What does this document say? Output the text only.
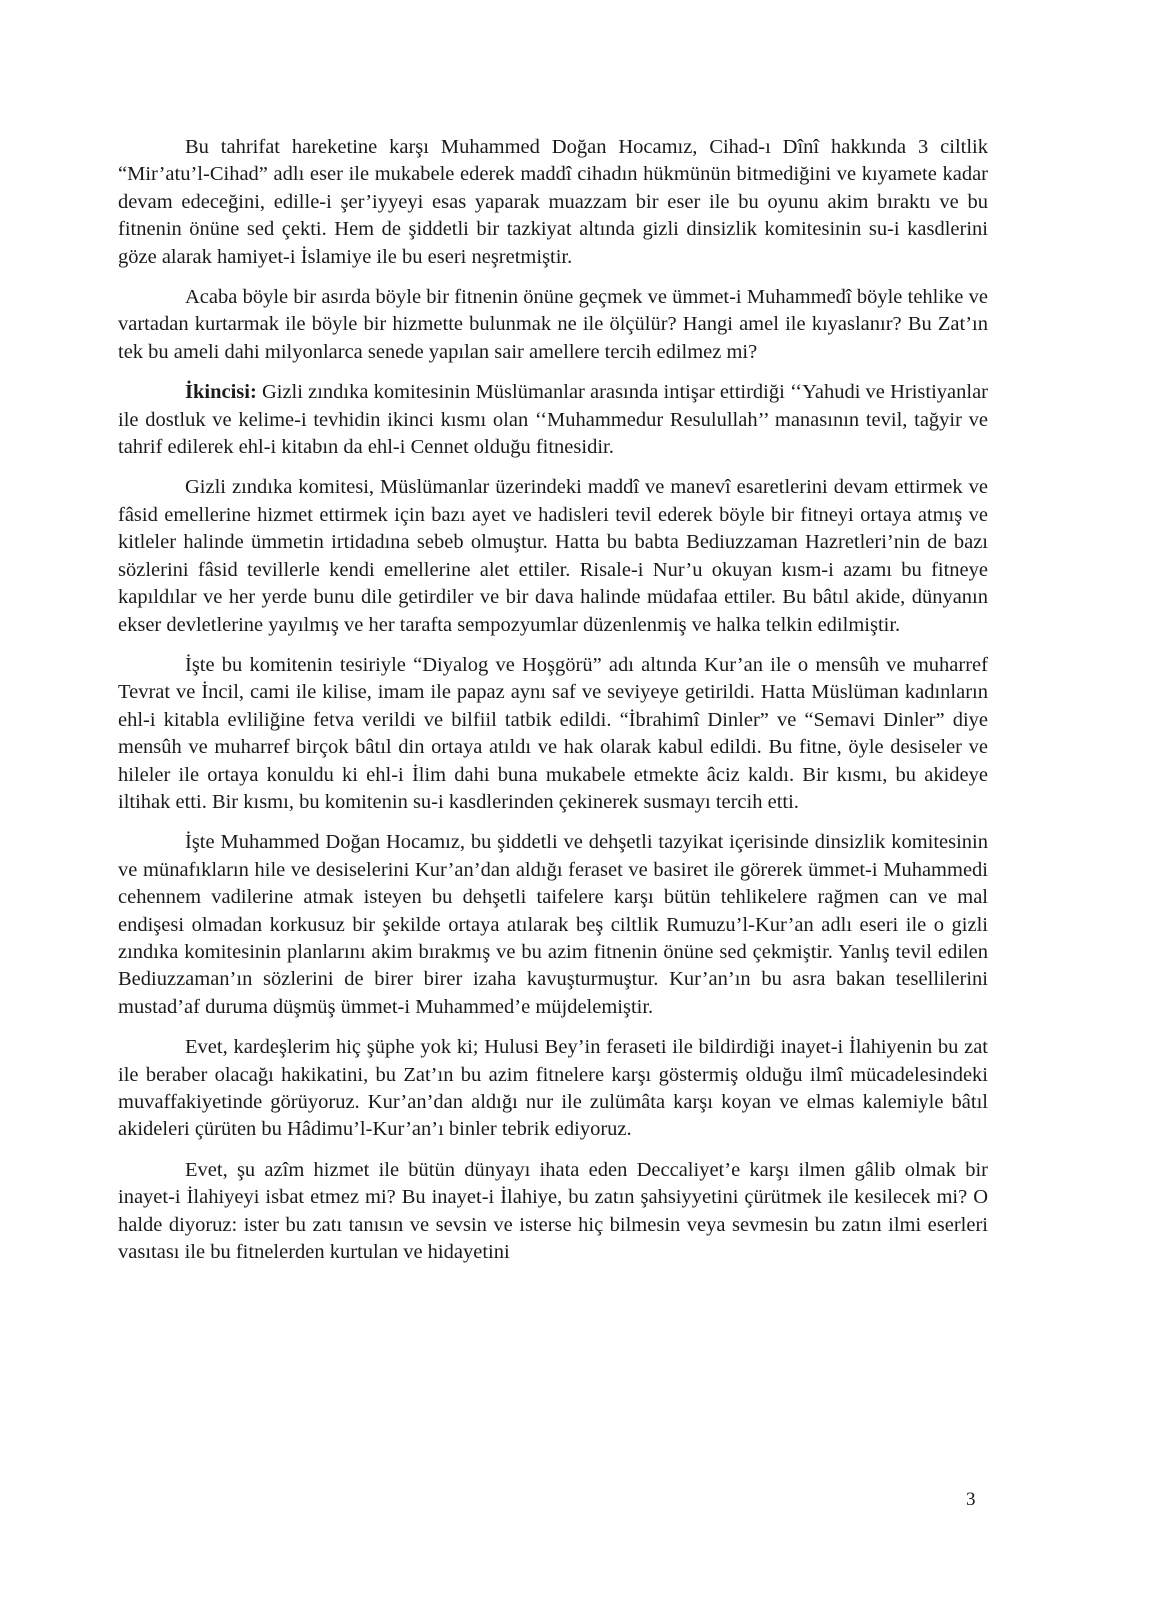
Bu tahrifat hareketine karşı Muhammed Doğan Hocamız, Cihad-ı Dînî hakkında 3 ciltlik “Mir’atu’l-Cihad” adlı eser ile mukabele ederek maddî cihadın hükmünün bitmediğini ve kıyamete kadar devam edeceğini, edille-i şer’iyyeyi esas yaparak muazzam bir eser ile bu oyunu akim bıraktı ve bu fitnenin önüne sed çekti. Hem de şiddetli bir tazkiyat altında gizli dinsizlik komitesinin su-i kasdlerini göze alarak hamiyet-i İslamiye ile bu eseri neşretmiştir.

Acaba böyle bir asırda böyle bir fitnenin önüne geçmek ve ümmet-i Muhammedî böyle tehlike ve vartadan kurtarmak ile böyle bir hizmette bulunmak ne ile ölçülür? Hangi amel ile kıyaslanır? Bu Zat’ın tek bu ameli dahi milyonlarca senede yapılan sair amellere tercih edilmez mi?

İkincisi: Gizli zındıka komitesinin Müslümanlar arasında intişar ettirdiği ‘‘Yahudi ve Hristiyanlar ile dostluk ve kelime-i tevhidin ikinci kısmı olan ‘‘Muhammedur Resulullah’’ manasının tevil, tağyir ve tahrif edilerek ehl-i kitabın da ehl-i Cennet olduğu fitnesidir.

Gizli zındıka komitesi, Müslümanlar üzerindeki maddî ve manevî esaretlerini devam ettirmek ve fâsid emellerine hizmet ettirmek için bazı ayet ve hadisleri tevil ederek böyle bir fitneyi ortaya atmış ve kitleler halinde ümmetin irtidadına sebeb olmuştur. Hatta bu babta Bediuzzaman Hazretleri’nin de bazı sözlerini fâsid tevillerle kendi emellerine alet ettiler. Risale-i Nur’u okuyan kısm-i azamı bu fitneye kapıldılar ve her yerde bunu dile getirdiler ve bir dava halinde müdafaa ettiler. Bu bâtıl akide, dünyanın ekser devletlerine yayılmış ve her tarafta sempozyumlar düzenlenmiş ve halka telkin edilmiştir.

İşte bu komitenin tesiriyle “Diyalog ve Hoşgörü” adı altında Kur’an ile o mensûh ve muharref Tevrat ve İncil, cami ile kilise, imam ile papaz aynı saf ve seviyeye getirildi. Hatta Müslüman kadınların ehl-i kitabla evliliğine fetva verildi ve bilfiil tatbik edildi. “İbrahimî Dinler” ve “Semavi Dinler” diye mensûh ve muharref birçok bâtıl din ortaya atıldı ve hak olarak kabul edildi. Bu fitne, öyle desiseler ve hileler ile ortaya konuldu ki ehl-i İlim dahi buna mukabele etmekte âciz kaldı. Bir kısmı, bu akideye iltihak etti. Bir kısmı, bu komitenin su-i kasdlerinden çekinerek susmayı tercih etti.

İşte Muhammed Doğan Hocamız, bu şiddetli ve dehşetli tazyikat içerisinde dinsizlik komitesinin ve münafıkların hile ve desiselerini Kur’an’dan aldığı feraset ve basiret ile görerek ümmet-i Muhammedi cehennem vadilerine atmak isteyen bu dehşetli taifelere karşı bütün tehlikelere rağmen can ve mal endişesi olmadan korkusuz bir şekilde ortaya atılarak beş ciltlik Rumuzu’l-Kur’an adlı eseri ile o gizli zındıka komitesinin planlarını akim bırakmış ve bu azim fitnenin önüne sed çekmiştir. Yanlış tevil edilen Bediuzzaman’ın sözlerini de birer birer izaha kavuşturmuştur. Kur’an’ın bu asra bakan tesellilerini mustad’af duruma düşmüş ümmet-i Muhammed’e müjdelemiştir.

Evet, kardeşlerim hiç şüphe yok ki; Hulusi Bey’in feraseti ile bildirdiği inayet-i İlahiyenin bu zat ile beraber olacağı hakikatini, bu Zat’ın bu azim fitnelere karşı göstermiş olduğu ilmî mücadelesindeki muvaffakiyetinde görüyoruz. Kur’an’dan aldığı nur ile zulümâta karşı koyan ve elmas kalemiyle bâtıl akideleri çürüten bu Hâdimu’l-Kur’an’ı binler tebrik ediyoruz.

Evet, şu azîm hizmet ile bütün dünyayı ihata eden Deccaliyet’e karşı ilmen gâlib olmak bir inayet-i İlahiyeyi isbat etmez mi? Bu inayet-i İlahiye, bu zatın şahsiyyetini çürütmek ile kesilecek mi? O halde diyoruz: ister bu zatı tanısın ve sevsin ve isterse hiç bilmesin veya sevmesin bu zatın ilmi eserleri vasıtası ile bu fitnelerden kurtulan ve hidayetini

3
